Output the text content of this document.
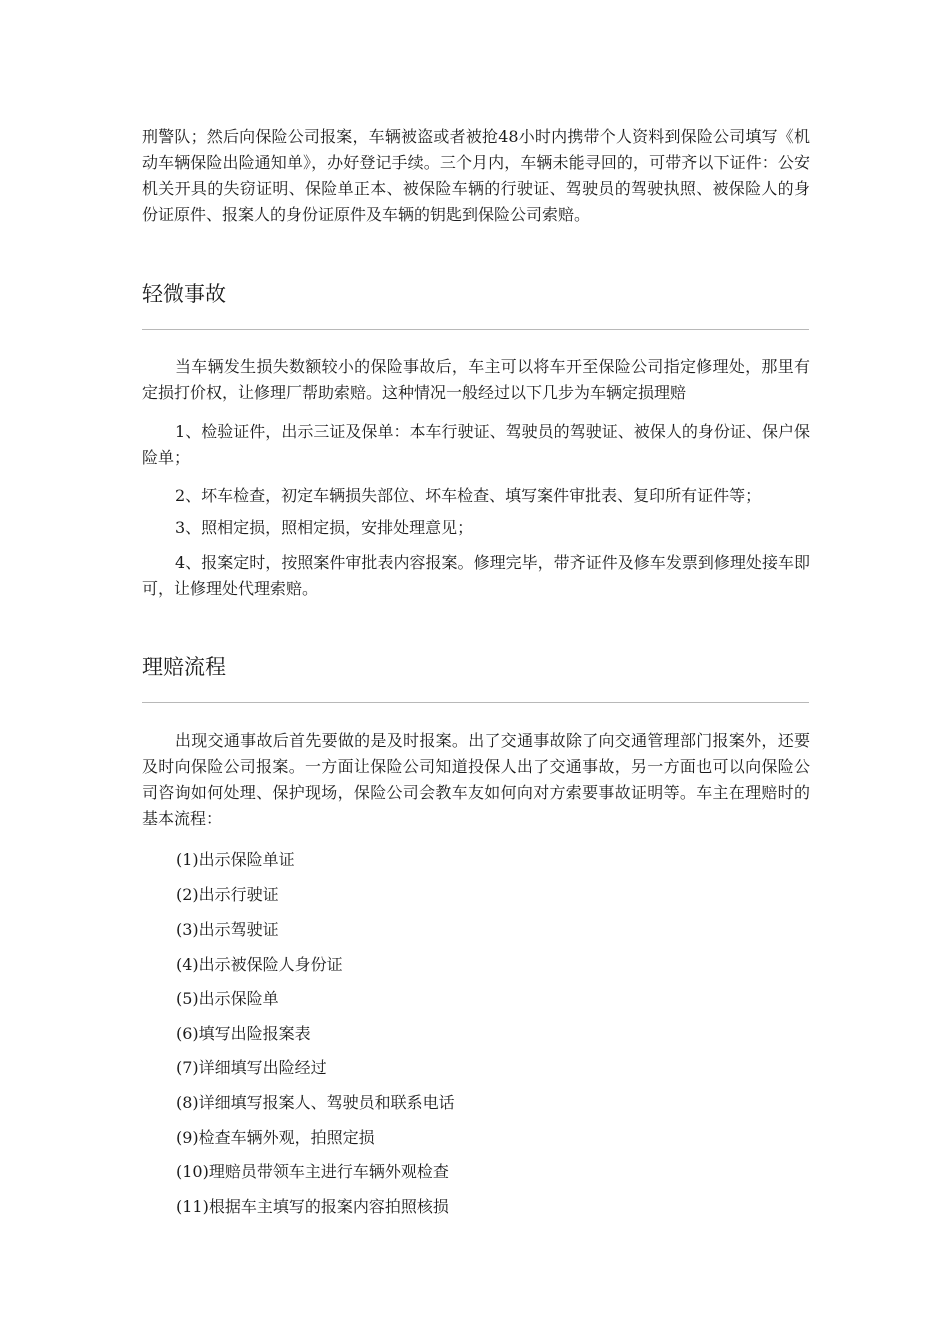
刑警队；然后向保险公司报案，车辆被盗或者被抢48小时内携带个人资料到保险公司填写《机动车辆保险出险通知单》，办好登记手续。三个月内，车辆未能寻回的，可带齐以下证件：公安机关开具的失窃证明、保险单正本、被保险车辆的行驶证、驾驶员的驾驶执照、被保险人的身份证原件、报案人的身份证原件及车辆的钥匙到保险公司索赔。

轻微事故

当车辆发生损失数额较小的保险事故后，车主可以将车开至保险公司指定修理处，那里有定损打价权，让修理厂帮助索赔。这种情况一般经过以下几步为车辆定损理赔

1、检验证件，出示三证及保单：本车行驶证、驾驶员的驾驶证、被保人的身份证、保户保险单；

2、坏车检查，初定车辆损失部位、坏车检查、填写案件审批表、复印所有证件等；

3、照相定损，照相定损，安排处理意见；

4、报案定时，按照案件审批表内容报案。修理完毕，带齐证件及修车发票到修理处接车即可，让修理处代理索赔。

理赔流程

出现交通事故后首先要做的是及时报案。出了交通事故除了向交通管理部门报案外，还要及时向保险公司报案。一方面让保险公司知道投保人出了交通事故，另一方面也可以向保险公司咨询如何处理、保护现场，保险公司会教车友如何向对方索要事故证明等。车主在理赔时的基本流程：

(1)出示保险单证

(2)出示行驶证

(3)出示驾驶证

(4)出示被保险人身份证

(5)出示保险单

(6)填写出险报案表

(7)详细填写出险经过

(8)详细填写报案人、驾驶员和联系电话

(9)检查车辆外观，拍照定损

(10)理赔员带领车主进行车辆外观检查

(11)根据车主填写的报案内容拍照核损
